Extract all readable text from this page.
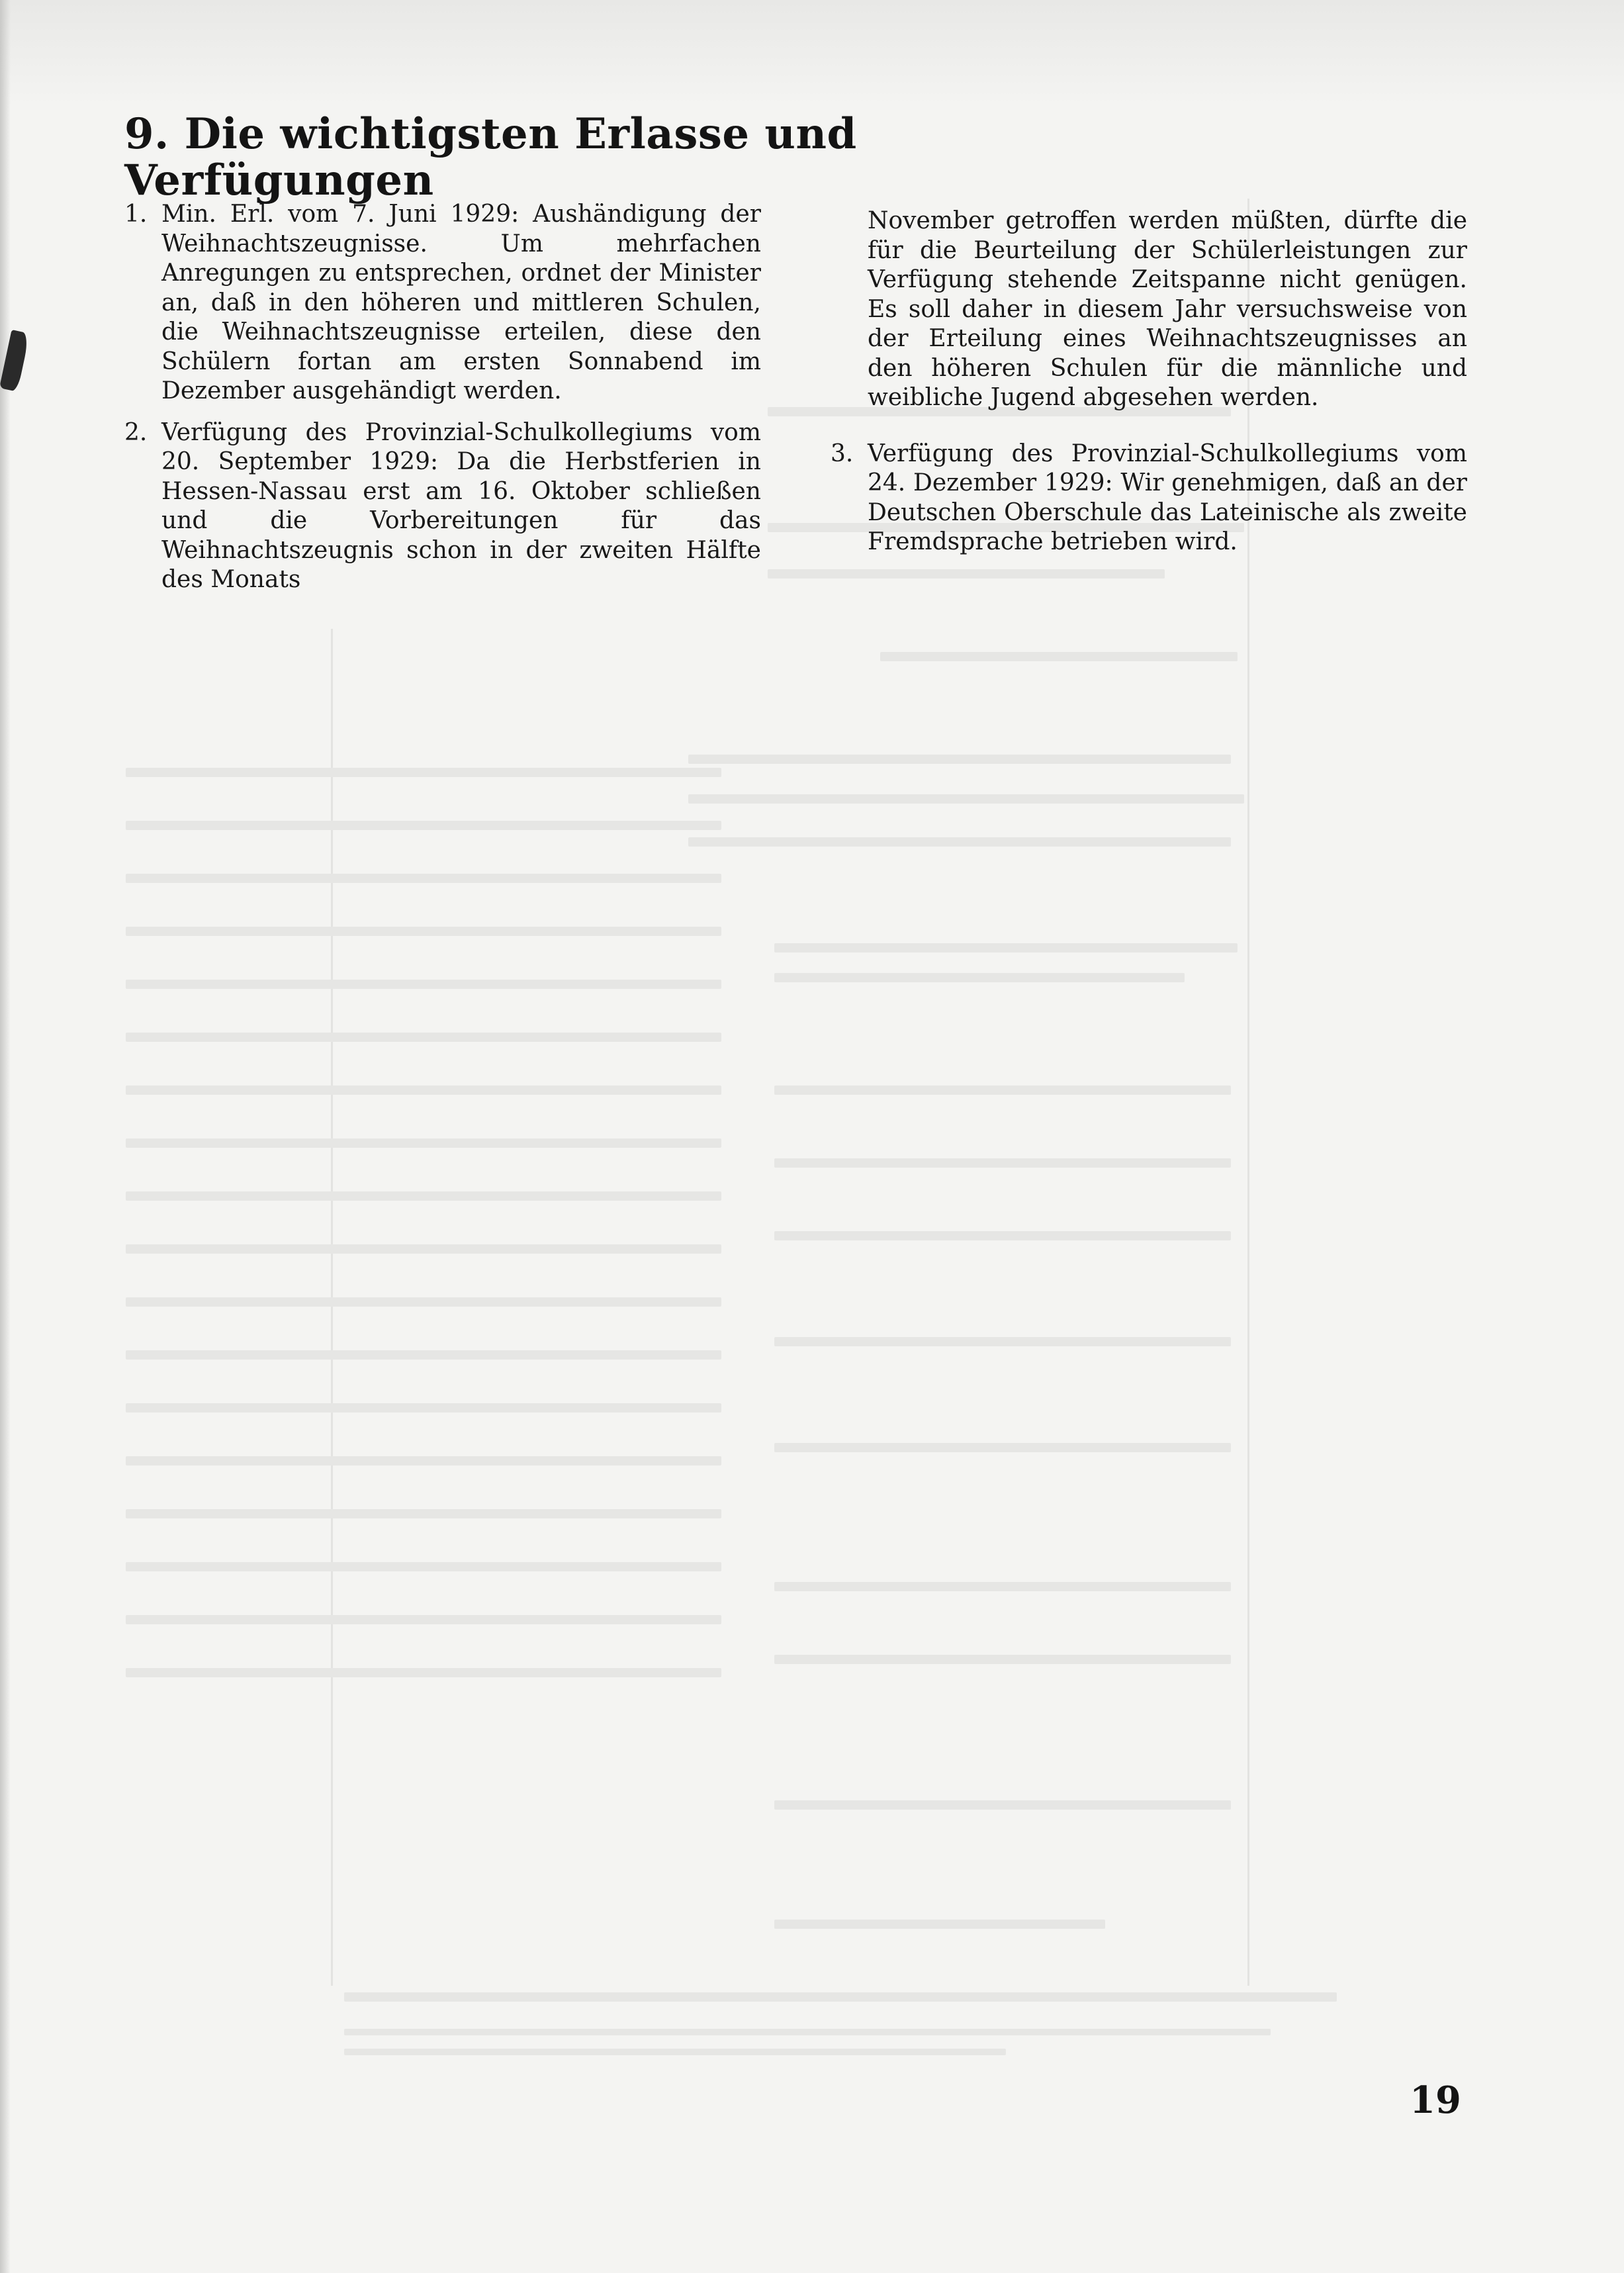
9. Die wichtigsten Erlasse und Verfügungen
1. Min. Erl. vom 7. Juni 1929: Aushändigung der Weihnachtszeugnisse. Um mehrfachen Anregungen zu entsprechen, ordnet der Minister an, daß in den höheren und mittleren Schulen, die Weihnachtszeugnisse erteilen, diese den Schülern fortan am ersten Sonnabend im Dezember ausgehändigt werden.
2. Verfügung des Provinzial-Schulkollegiums vom 20. September 1929: Da die Herbstferien in Hessen-Nassau erst am 16. Oktober schließen und die Vorbereitungen für das Weihnachtszeugnis schon in der zweiten Hälfte des Monats
November getroffen werden müßten, dürfte die für die Beurteilung der Schülerleistungen zur Verfügung stehende Zeitspanne nicht genügen. Es soll daher in diesem Jahr versuchsweise von der Erteilung eines Weihnachtszeugnisses an den höheren Schulen für die männliche und weibliche Jugend abgesehen werden.
3. Verfügung des Provinzial-Schulkollegiums vom 24. Dezember 1929: Wir genehmigen, daß an der Deutschen Oberschule das Lateinische als zweite Fremdsprache betrieben wird.
19
